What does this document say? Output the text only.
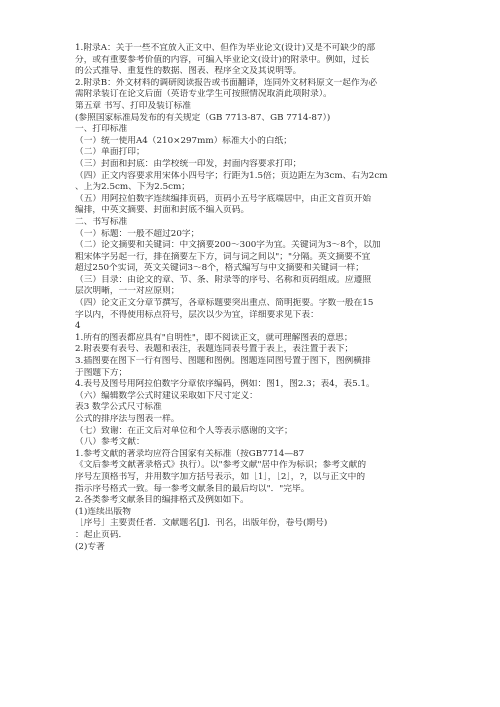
1.附录A：关于一些不宜放入正文中、但作为毕业论文(设计)又是不可缺少的部
分，或有重要参考价值的内容，可编入毕业论文(设计)的附录中。例如，过长
的公式推导、重复性的数据、图表、程序全文及其说明等。
2.附录B：外文材料的调研阅读报告或书面翻译，连同外文材料原文一起作为必
需附录装订在论文后面（英语专业学生可按照情况取消此项附录）。
第五章 书写、打印及装订标准
(参照国家标准局发布的有关规定（GB 7713-87、GB 7714-87）)
一、打印标准
（一）统一使用A4（210×297mm）标准大小的白纸；
（二）单面打印；
（三）封面和封底：由学校统一印发，封面内容要求打印；
（四）正文内容要求用宋体小四号字；行距为1.5倍；页边距左为3cm、右为2cm
、上为2.5cm、下为2.5cm；
（五）用阿拉伯数字连续编排页码，页码小五号字底端居中，由正文首页开始
编排，中英文摘要、封面和封底不编入页码。
二、书写标准
（一）标题：一般不超过20字；
（二）论文摘要和关键词：中文摘要200～300字为宜。关键词为3～8个，以加
粗宋体字另起一行，排在摘要左下方，词与词之间以"；"分隔。英文摘要不宜
超过250个实词，英文关键词3～8个，格式编写与中文摘要和关键词一样；
（三）目录：由论文的章、节、条、附录等的序号、名称和页码组成。应遵照
层次明晰，一一对应原则；
（四）论文正文分章节撰写，各章标题要突出重点、简明扼要。字数一般在15
字以内，不得使用标点符号，层次以少为宜，详细要求见下表：
4
1.所有的图表都应具有"自明性"，即不阅读正文，就可理解图表的意思；
2.附表要有表号、表题和表注，表题连同表号置于表上，表注置于表下；
3.插图要在图下一行有图号、图题和图例。图题连同图号置于图下，图例横排
于图题下方；
4.表号及图号用阿拉伯数字分章依序编码，例如：图1，图2.3；表4，表5.1。
（六）编辑数学公式时建议采取如下尺寸定义：
表3 数学公式尺寸标准
公式的排序法与图表一样。
（七）致谢：在正文后对单位和个人等表示感谢的文字；
（八）参考文献：
1.参考文献的著录均应符合国家有关标准（按GB7714—87
《文后参考文献著录格式》执行）。以"参考文献"居中作为标识；参考文献的
序号左顶格书写，并用数字加方括号表示，如［1］，［2］，?，以与正文中的
指示序号格式一致。每一参考文献条目的最后均以"．"完毕。
2.各类参考文献条目的编排格式及例如如下。
(1)连续出版物
［序号］主要责任者．文献题名[J]．刊名，出版年份，卷号(期号)
：起止页码．
(2)专著
